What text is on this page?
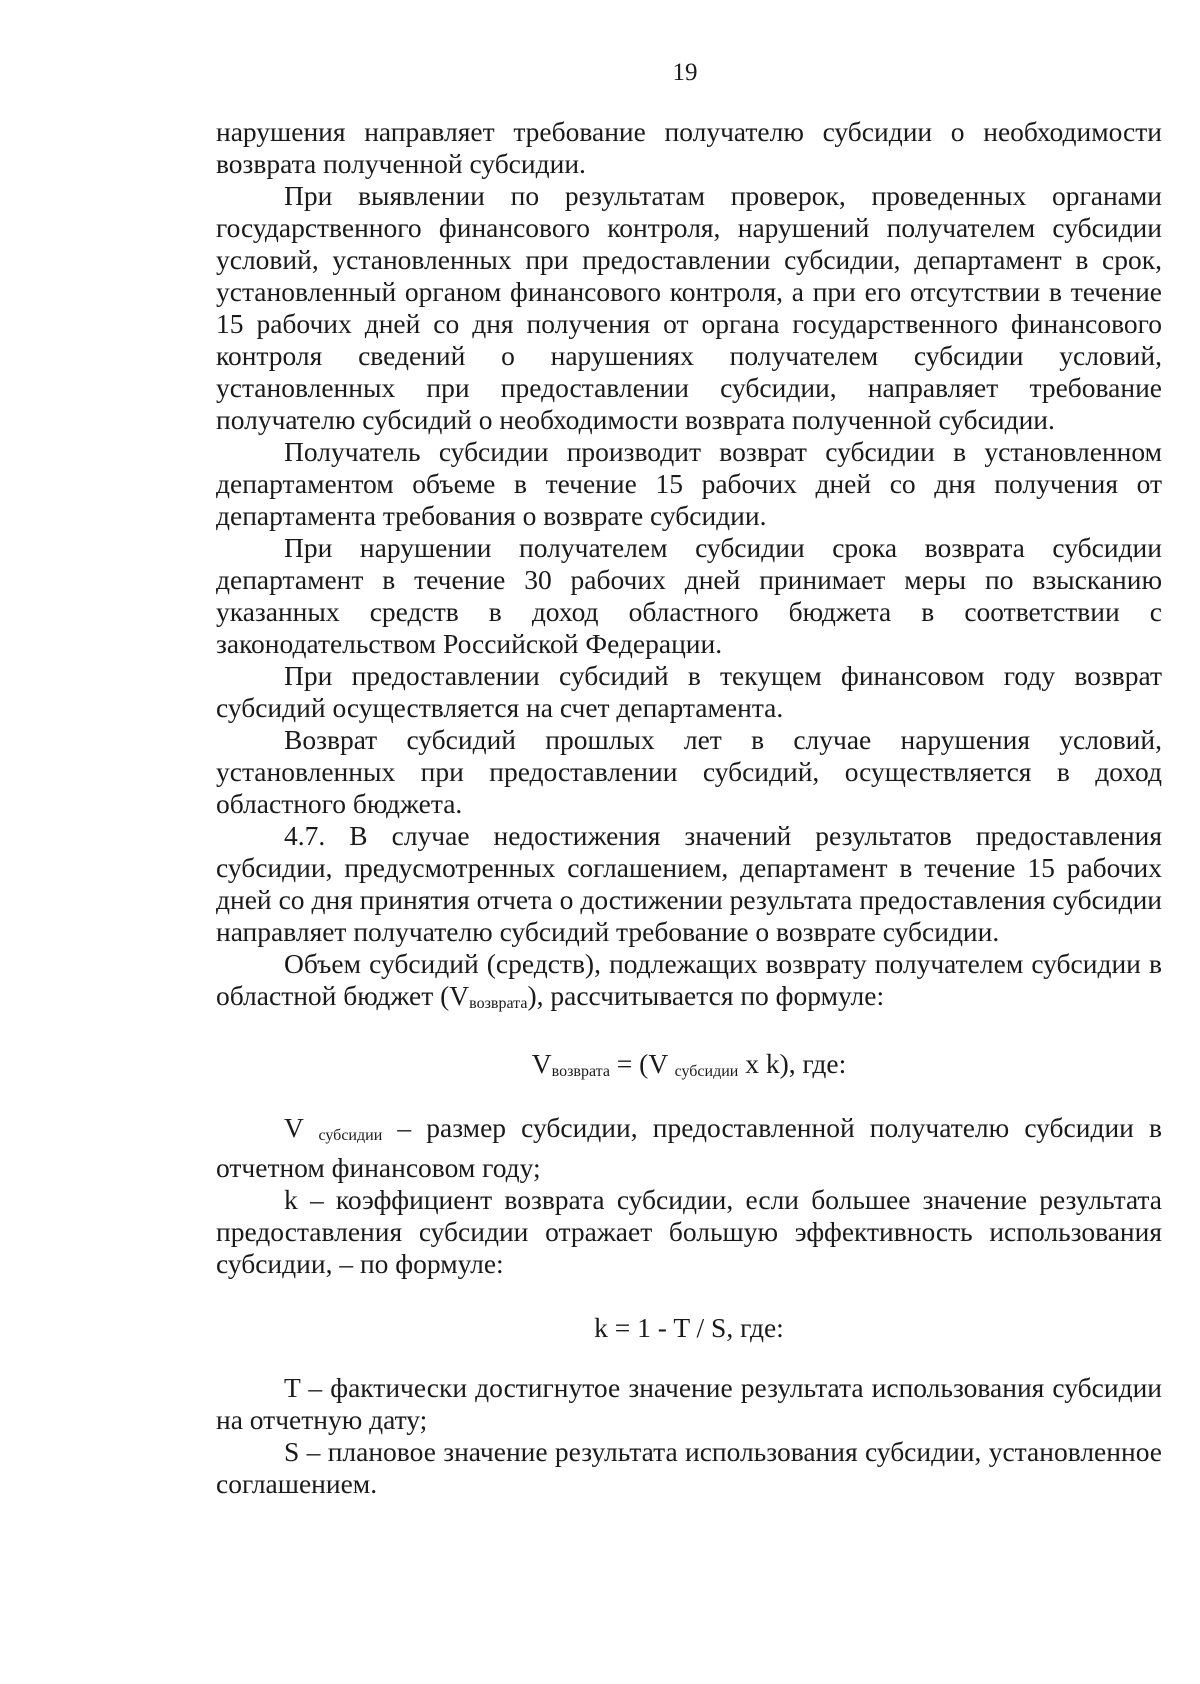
19

нарушения направляет требование получателю субсидии о необходимости возврата полученной субсидии.

При выявлении по результатам проверок, проведенных органами государственного финансового контроля, нарушений получателем субсидии условий, установленных при предоставлении субсидии, департамент в срок, установленный органом финансового контроля, а при его отсутствии в течение 15 рабочих дней со дня получения от органа государственного финансового контроля сведений о нарушениях получателем субсидии условий, установленных при предоставлении субсидии, направляет требование получателю субсидий о необходимости возврата полученной субсидии.

Получатель субсидии производит возврат субсидии в установленном департаментом объеме в течение 15 рабочих дней со дня получения от департамента требования о возврате субсидии.

При нарушении получателем субсидии срока возврата субсидии департамент в течение 30 рабочих дней принимает меры по взысканию указанных средств в доход областного бюджета в соответствии с законодательством Российской Федерации.

При предоставлении субсидий в текущем финансовом году возврат субсидий осуществляется на счет департамента.

Возврат субсидий прошлых лет в случае нарушения условий, установленных при предоставлении субсидий, осуществляется в доход областного бюджета.

4.7. В случае недостижения значений результатов предоставления субсидии, предусмотренных соглашением, департамент в течение 15 рабочих дней со дня принятия отчета о достижении результата предоставления субсидии направляет получателю субсидий требование о возврате субсидии.

Объем субсидий (средств), подлежащих возврату получателем субсидии в областной бюджет (Vвозврата), рассчитывается по формуле:

Vвозврата = (V субсидии x k), где:

V субсидии – размер субсидии, предоставленной получателю субсидии в отчетном финансовом году;

k – коэффициент возврата субсидии, если большее значение результата предоставления субсидии отражает большую эффективность использования субсидии, – по формуле:

k = 1 - T / S, где:

T – фактически достигнутое значение результата использования субсидии на отчетную дату;

S – плановое значение результата использования субсидии, установленное соглашением.
